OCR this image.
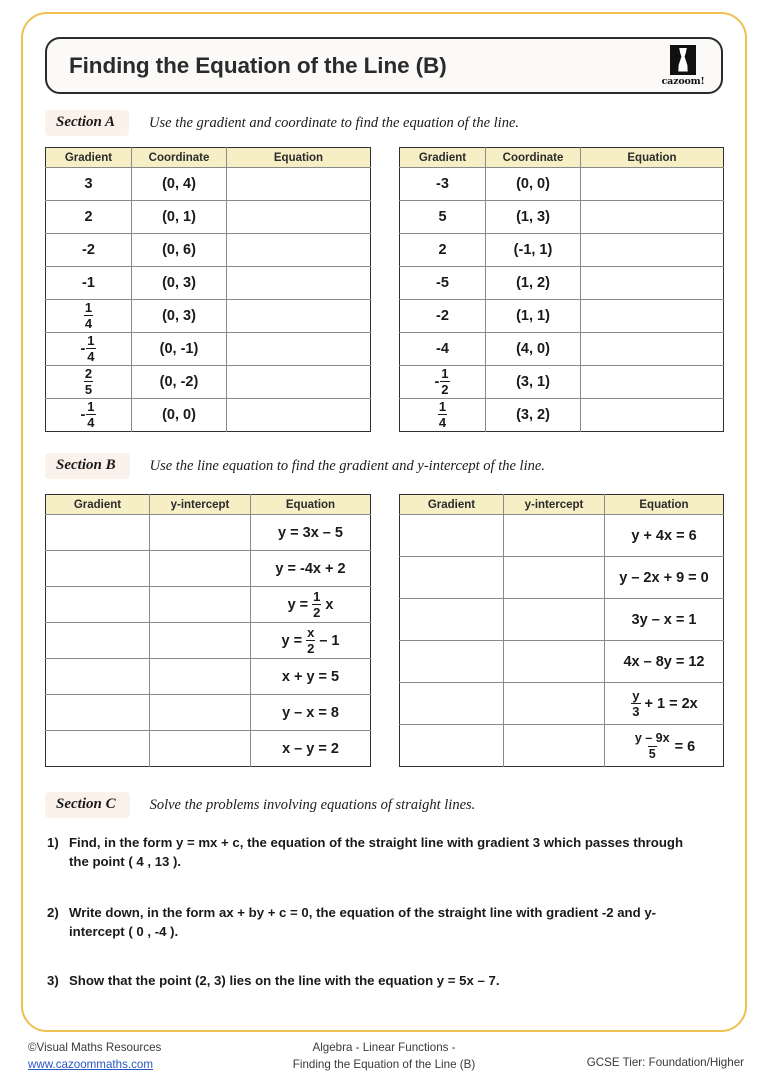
Finding the Equation of the Line (B)
cazoom!
Section A	Use the gradient and coordinate to find the equation of the line.
Gradient	Coordinate	Equation
3	(0, 4)	
2	(0, 1)	
-2	(0, 6)	
-1	(0, 3)	

$\frac{1}{4}$	(0, 3)	
- $\frac{1}{4}$	(0, -1)	

$\frac{2}{5}$	(0, -2)	
- $\frac{1}{4}$	(0, 0)	
Gradient	Coordinate	Equation
-3	(0, 0)	
5	(1, 3)	
2	(-1, 1)	
-5	(1, 2)	
-2	(1, 1)	
-4	(4, 0)	
- $\frac{1}{2}$	(3, 1)	

$\frac{1}{4}$	(3, 2)	
Section B	Use the line equation to find the gradient and y-intercept of the line.
Gradient	y-intercept	Equation
		y = 3x – 5
		y = -4x + 2
		$y = \frac{1}{2}$ x
		$y = \frac{x}{2} - 1$
		x + y = 5
		y – x = 8
		x – y = 2
Gradient	y-intercept	Equation
		y + 4x = 6
		y – 2x + 9 = 0
		3y – x = 1
		4x – 8y = 12

		$\frac{y}{3} + 1 = 2x$

		$\frac{y - 9x}{5} = 6$
Section C	Solve the problems involving equations of straight lines.
1) Find, in the form y = mx + c, the equation of the straight line with gradient 3 which passes through the point ( 4 , 13 ).
2) Write down, in the form ax + by + c = 0, the equation of the straight line with gradient -2 and y-intercept ( 0 , -4 ).
3) Show that the point (2, 3) lies on the line with the equation y = 5x – 7.
©Visual Maths Resources
www.cazoommaths.com
Algebra - Linear Functions -
Finding the Equation of the Line (B)	GCSE Tier: Foundation/Higher
